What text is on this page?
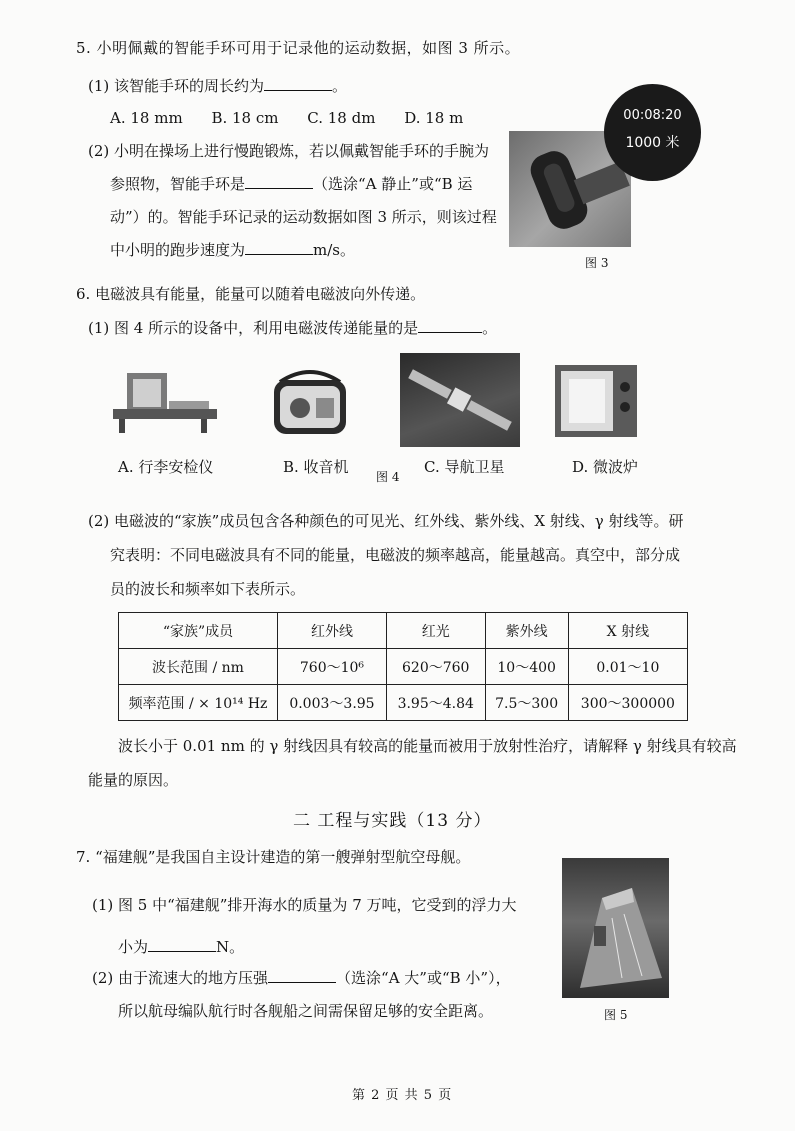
5. 小明佩戴的智能手环可用于记录他的运动数据，如图 3 所示。
(1) 该智能手环的周长约为	。
A. 18 mm B. 18 cm C. 18 dm D. 18 m
(2) 小明在操场上进行慢跑锻炼，若以佩戴智能手环的手腕为
参照物，智能手环是	（选涂“A 静止”或“B 运
动”）的。智能手环记录的运动数据如图 3 所示，则该过程
中小明的跑步速度为	m/s。
00:08:20
1000 米
图 3
6. 电磁波具有能量，能量可以随着电磁波向外传递。
(1) 图 4 所示的设备中，利用电磁波传递能量的是	。
A. 行李安检仪	B. 收音机	C. 导航卫星	D. 微波炉
图 4
(2) 电磁波的“家族”成员包含各种颜色的可见光、红外线、紫外线、X 射线、γ 射线等。研
究表明：不同电磁波具有不同的能量，电磁波的频率越高，能量越高。真空中，部分成
员的波长和频率如下表所示。
“家族”成员	红外线	红光	紫外线	X 射线
波长范围 / nm	760～10⁶	620～760	10～400	0.01～10
频率范围 / × 10¹⁴ Hz	0.003～3.95	3.95～4.84	7.5～300	300～300000
波长小于 0.01 nm 的 γ 射线因具有较高的能量而被用于放射性治疗，请解释 γ 射线具有较高
能量的原因。
二 工程与实践（13 分）
7. “福建舰”是我国自主设计建造的第一艘弹射型航空母舰。
(1) 图 5 中“福建舰”排开海水的质量为 7 万吨，它受到的浮力大
小为	N。
(2) 由于流速大的地方压强	（选涂“A 大”或“B 小”），
所以航母编队航行时各舰船之间需保留足够的安全距离。	图 5
第 2 页 共 5 页
